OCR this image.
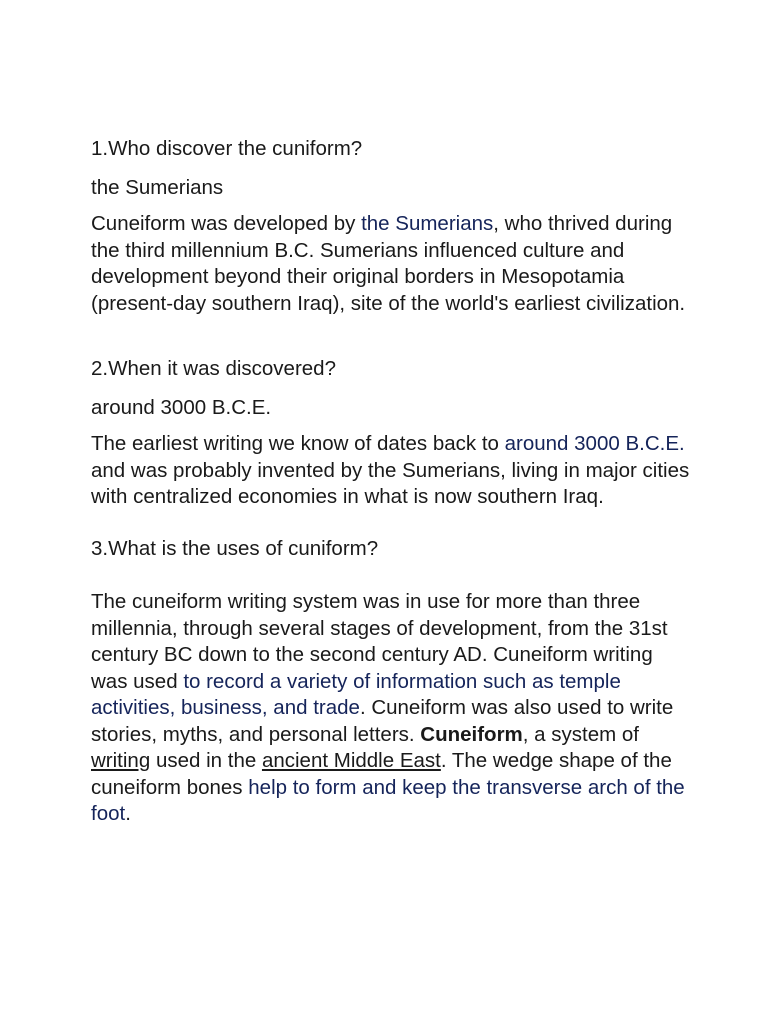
1.Who discover the cuniform?

the Sumerians

Cuneiform was developed by the Sumerians, who thrived during the third millennium B.C. Sumerians influenced culture and development beyond their original borders in Mesopotamia (present-day southern Iraq), site of the world's earliest civilization.

2.When it was discovered?

around 3000 B.C.E.

The earliest writing we know of dates back to around 3000 B.C.E. and was probably invented by the Sumerians, living in major cities with centralized economies in what is now southern Iraq.

3.What is the uses of cuniform?

The cuneiform writing system was in use for more than three millennia, through several stages of development, from the 31st century BC down to the second century AD. Cuneiform writing was used to record a variety of information such as temple activities, business, and trade. Cuneiform was also used to write stories, myths, and personal letters. Cuneiform, a system of writing used in the ancient Middle East. The wedge shape of the cuneiform bones help to form and keep the transverse arch of the foot.
